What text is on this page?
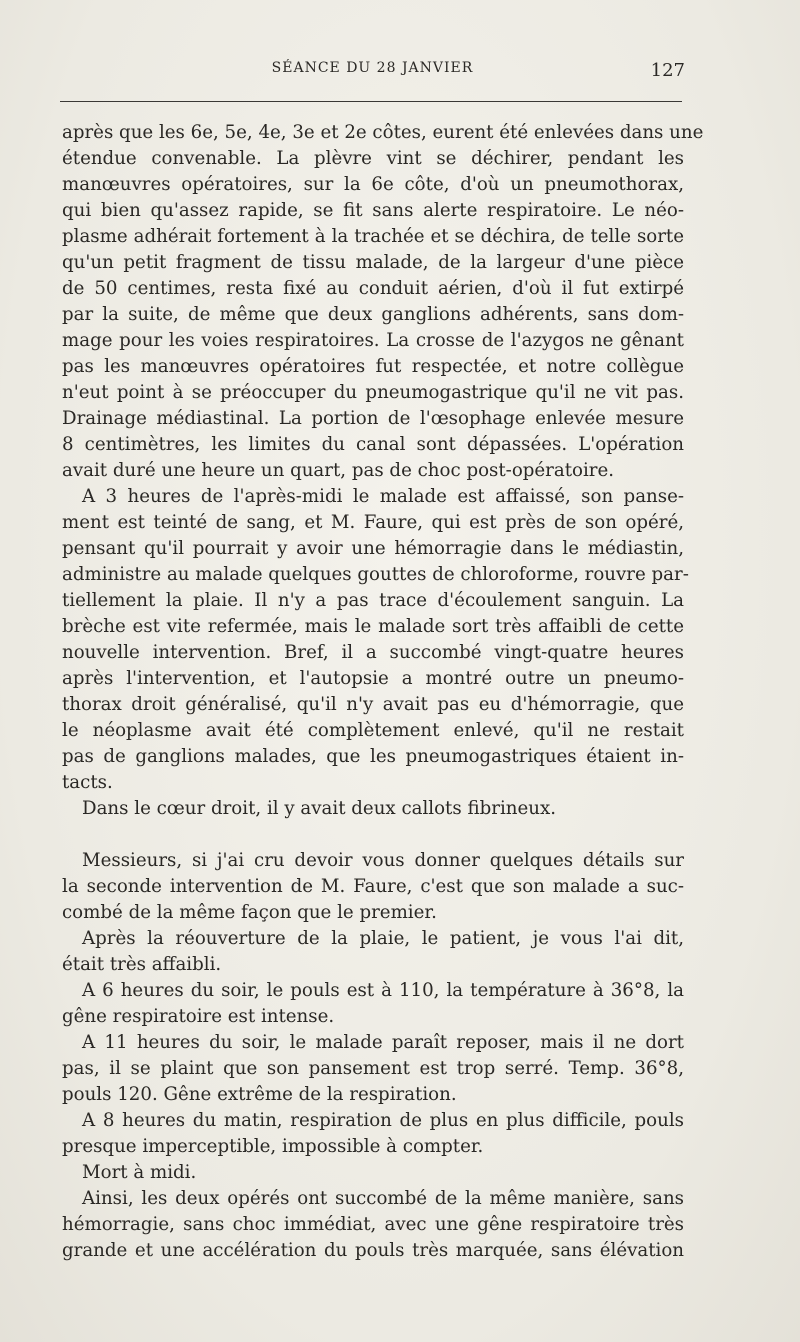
SÉANCE DU 28 JANVIER	127
après que les 6e, 5e, 4e, 3e et 2e côtes, eurent été enlevées dans une
étendue convenable. La plèvre vint se déchirer, pendant les
manœuvres opératoires, sur la 6e côte, d'où un pneumothorax,
qui bien qu'assez rapide, se fit sans alerte respiratoire. Le néo-
plasme adhérait fortement à la trachée et se déchira, de telle sorte
qu'un petit fragment de tissu malade, de la largeur d'une pièce
de 50 centimes, resta fixé au conduit aérien, d'où il fut extirpé
par la suite, de même que deux ganglions adhérents, sans dom-
mage pour les voies respiratoires. La crosse de l'azygos ne gênant
pas les manœuvres opératoires fut respectée, et notre collègue
n'eut point à se préoccuper du pneumogastrique qu'il ne vit pas.
Drainage médiastinal. La portion de l'œsophage enlevée mesure
8 centimètres, les limites du canal sont dépassées. L'opération
avait duré une heure un quart, pas de choc post-opératoire.
A 3 heures de l'après-midi le malade est affaissé, son panse-
ment est teinté de sang, et M. Faure, qui est près de son opéré,
pensant qu'il pourrait y avoir une hémorragie dans le médiastin,
administre au malade quelques gouttes de chloroforme, rouvre par-
tiellement la plaie. Il n'y a pas trace d'écoulement sanguin. La
brèche est vite refermée, mais le malade sort très affaibli de cette
nouvelle intervention. Bref, il a succombé vingt-quatre heures
après l'intervention, et l'autopsie a montré outre un pneumo-
thorax droit généralisé, qu'il n'y avait pas eu d'hémorragie, que
le néoplasme avait été complètement enlevé, qu'il ne restait
pas de ganglions malades, que les pneumogastriques étaient in-
tacts.
Dans le cœur droit, il y avait deux callots fibrineux.
Messieurs, si j'ai cru devoir vous donner quelques détails sur
la seconde intervention de M. Faure, c'est que son malade a suc-
combé de la même façon que le premier.
Après la réouverture de la plaie, le patient, je vous l'ai dit,
était très affaibli.
A 6 heures du soir, le pouls est à 110, la température à 36°8, la
gêne respiratoire est intense.
A 11 heures du soir, le malade paraît reposer, mais il ne dort
pas, il se plaint que son pansement est trop serré. Temp. 36°8,
pouls 120. Gêne extrême de la respiration.
A 8 heures du matin, respiration de plus en plus difficile, pouls
presque imperceptible, impossible à compter.
Mort à midi.
Ainsi, les deux opérés ont succombé de la même manière, sans
hémorragie, sans choc immédiat, avec une gêne respiratoire très
grande et une accélération du pouls très marquée, sans élévation
